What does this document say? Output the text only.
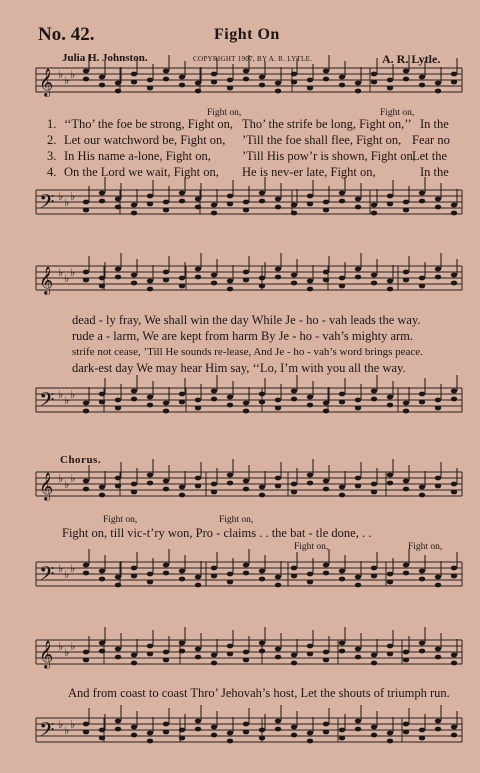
No. 42.	Fight On
Julia H. Johnston.	COPYRIGHT 1907, BY A. R. LYTLE.	A. R. Lytle.
𝄞 ♭ ♭ ♭
𝄢 ♭ ♭ ♭
𝄞 ♭ ♭ ♭
𝄢 ♭ ♭ ♭
𝄞 ♭ ♭ ♭
𝄢 ♭ ♭ ♭
𝄞 ♭ ♭ ♭
𝄢 ♭ ♭ ♭
Fight on,	Fight on,
1. ‘‘Tho’ the foe be strong, Fight on, Tho’ the strife be long, Fight on,’’ In the
2. Let our watchword be, Fight on, ’Till the foe shall flee, Fight on, Fear no
3. In His name a-lone, Fight on, ’Till His pow’r is shown, Fight on,
Let the
4. On the Lord we wait, Fight on, He is nev-er late, Fight on,	In the
dead - ly fray, We shall win the day While Je - ho - vah leads the way.
rude a - larm, We are kept from harm By Je - ho - vah’s mighty arm.
strife not cease, ’Till He sounds re-lease, And Je - ho - vah’s word brings peace.
dark-est day We may hear Him say, ‘‘Lo, I’m with you all the way.
Chorus.
Fight on,	Fight on,
Fight on, till vic-t’ry won, Pro - claims . . the bat - tle done, . .
Fight on,	Fight on,
And from coast to coast Thro’ Jehovah’s host, Let the shouts of triumph run.
